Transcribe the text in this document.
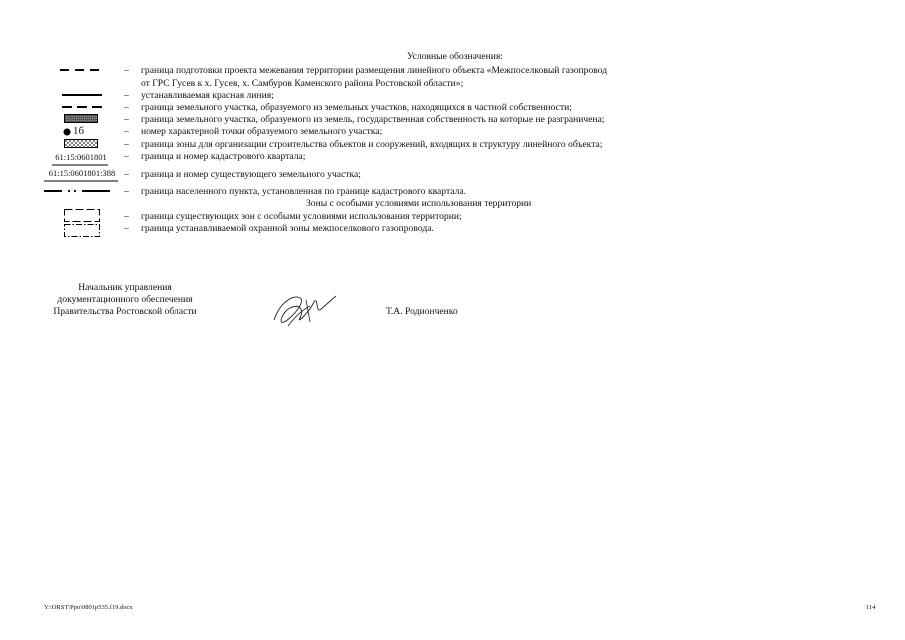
Условные обозначения:
– граница подготовки проекта межевания территории размещения линейного объекта «Межпоселковый газопровод
от ГРС Гусев к х. Гусев, х. Самбуров Каменского района Ростовской области»;
– устанавливаемая красная линия;
– граница земельного участка, образуемого из земельных участков, находящихся в частной собственности;
– граница земельного участка, образуемого из земель, государственная собственность на которые не разграничена;
1б	– номер характерной точки образуемого земельного участка;
– граница зоны для организации строительства объектов и сооружений, входящих в структуру линейного объекта;
61:15:0601801	– граница и номер кадастрового квартала;
61:15:0601801:388 – граница и номер существующего земельного участка;
– граница населенного пункта, установленная по границе кадастрового квартала.
Зоны с особыми условиями использования территории
– граница существующих зон с особыми условиями использования территории;
– граница устанавливаемой охранной зоны межпоселкового газопровода.
Начальник управления
документационного обеспечения
Правительства Ростовской области	Т.А. Родионченко
Y:\ORST\Ppo\0801p535.f19.docx	114
